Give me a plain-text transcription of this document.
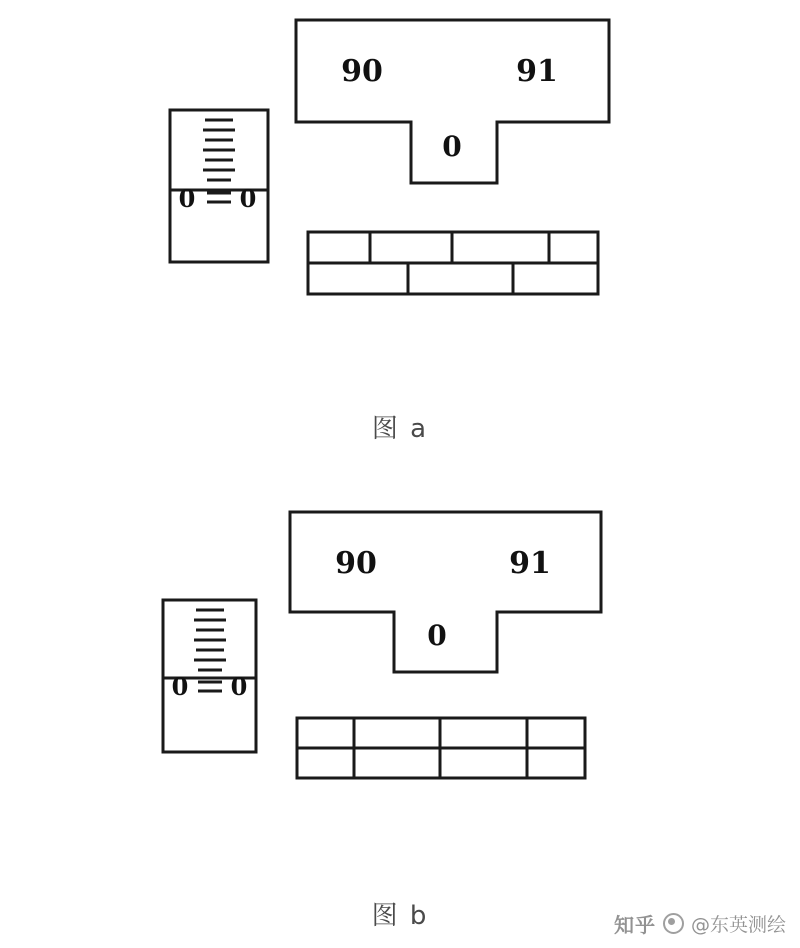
90	91
0
0 0
图 a
90	91
0
0 0
图 b	知乎 @东英测绘
